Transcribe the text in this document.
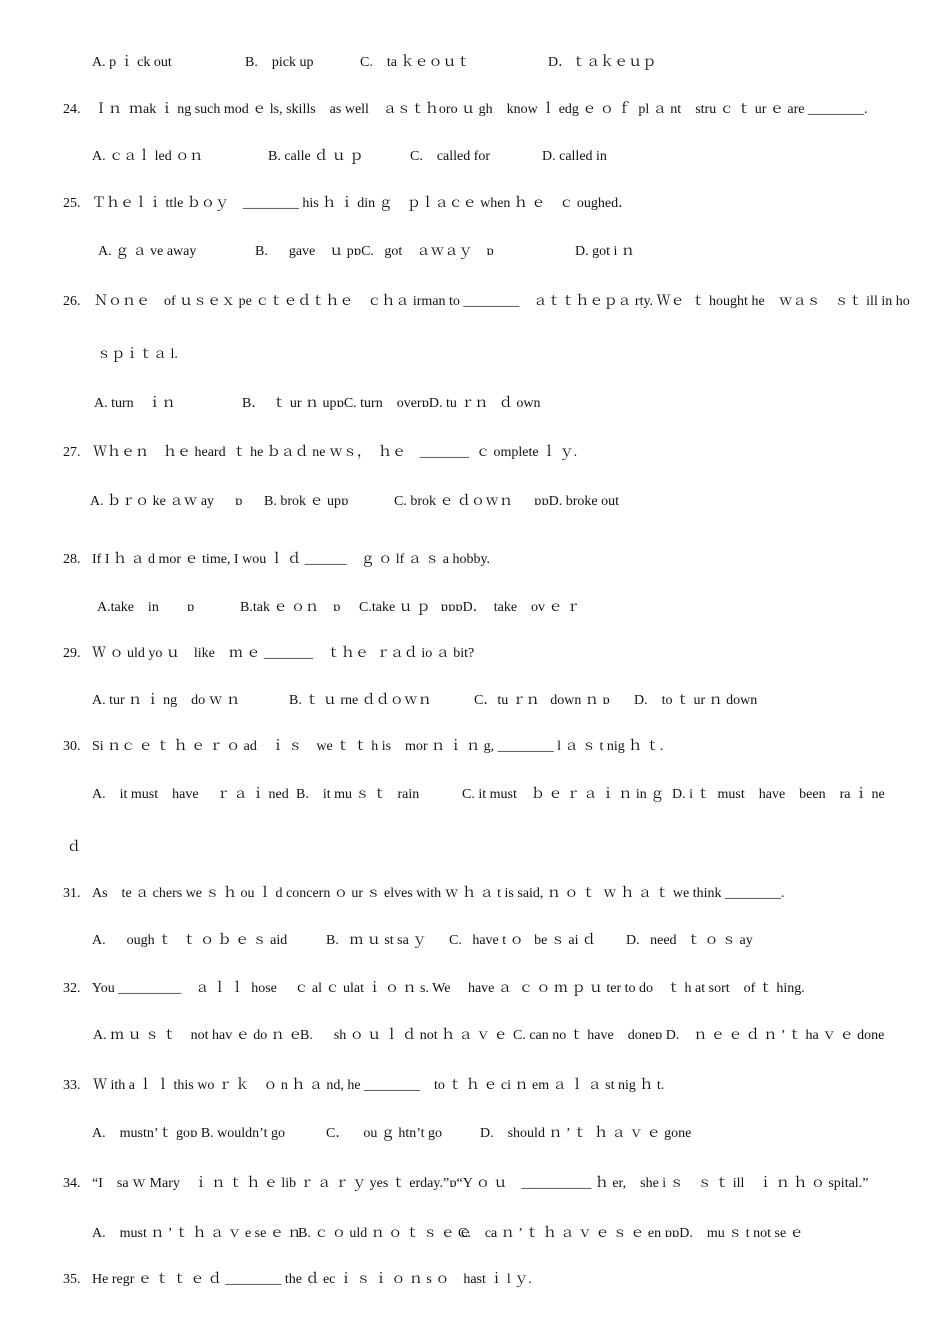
A. p ｉ ck out	B.    pick up	C.    ta ｋｅｏｕｔ	D．ｔａｋｅｕｐ
24. Ｉｎ  ｍak ｉ ng such mod ｅ ls, skills    as well    ａｓｔｈoro ｕ gh    know ｌ edg ｅ ｏ ｆ  pl ａ nt    stru ｃ ｔ ur ｅ are ________.
A. ｃａｌ led ｏｎ	B. calle ｄ ｕ ｐ	C.    called for	D. called in
25. Ｔｈｅｌｉ ttle ｂｏｙ    ________ his ｈ ｉ din ｇ    ｐｌａｃｅ when ｈ ｅ    ｃ oughed．
A. ｇ ａ ve away	B.      gave    ｕ pɒC.   got    ａｗａｙ    ɒ	D. got i ｎ
26. Ｎｏｎｅ    of ｕｓｅｘ pe ｃｔｅｄｔｈｅ    ｃｈａ irman to ________    ａｔｔｈｅｐａ rty. Ｗｅ  ｔ hought he    ｗａｓ    ｓｔ ill in ho
ｓｐｉｔａ l.
A. turn    ｉｎ	B．  ｔ ur ｎ upɒC. turn    overɒD. tu ｒｎ   ｄ own
27. Ｗｈｅｎ    ｈｅ heard  ｔ he ｂａｄ ne ｗｓ，  ｈｅ    _______  ｃ omplete ｌ ｙ.
A. ｂｒｏ ke ａｗ ay      ɒ B. brok ｅ upɒ	C. brok ｅ ｄｏｗｎ      ɒɒD. broke out
28. If I ｈ ａ d mor ｅ time, I wou ｌ ｄ ______    ｇ ｏ lf ａ ｓ a hobby.
A.take    in        ɒ	B.tak ｅ ｏｎ    ɒ C.take ｕ ｐ   ɒɒɒD．  take    ov ｅ ｒ
29. Ｗ ｏ uld yo ｕ    like    ｍ ｅ _______    ｔｈｅ  ｒａｄ io ａ bit?
A. tur ｎ ｉ ng    do ｗ ｎ	B. ｔ ｕ rne ｄｄｏｗｎ	C．tu ｒｎ   down ｎ ɒ D.    to ｔ ur ｎ down
30. Si ｎｃ ｅ ｔ ｈ ｅ ｒ ｏ ad    ｉ ｓ    we ｔ ｔ h is    mor ｎ ｉ ｎ g, ________ l ａ ｓ t nig ｈ ｔ.
A.    it must    have     ｒ ａ ｉ ned B.    it mu ｓ ｔ   rain	C. it must    ｂ ｅ ｒ ａ ｉ ｎ in ｇ D. i ｔ  must    have    been    ra ｉ ne
ｄ
31. As    te ａ chers we ｓ ｈ ou ｌ d concern ｏ ur ｓ elves with ｗ ｈ ａ t is said, ｎ ｏ ｔ  ｗ ｈ ａ ｔ we think ________.
A.      ough ｔ   ｔ ｏ ｂ ｅ ｓ aid	B.   ｍ ｕ st sa ｙ C.   have t ｏ   be ｓ ai ｄ D.   need   ｔ ｏ ｓ ay
32. You _________    ａ ｌ ｌ  hose     ｃ al ｃ ulat ｉ ｏ ｎ s. We     have ａ  ｃ ｏ ｍ ｐ ｕ ter to do    ｔ h at sort    of ｔ hing.
A. ｍ ｕ ｓ ｔ    not hav ｅ do ｎ ｅ
B.      sh ｏ ｕ ｌ ｄ not ｈ ａ ｖ ｅ C. can no ｔ have    doneɒ D.    ｎ ｅ ｅ ｄ ｎ ’ ｔ ha ｖ ｅ done
33. Ｗ ith a ｌ ｌ this wo ｒ ｋ    ｏ n ｈ ａ nd, he ________    to ｔ ｈ ｅ ci ｎ em ａ ｌ ａ st nig ｈ t.
A.    mustn’ｔ goɒ B. wouldn’t go	C．    ou ｇ htn’t go	D.    should ｎ ’ ｔ  ｈ ａ ｖ ｅ gone
34. “I    sa ｗ Mary    ｉ ｎ ｔ ｈ ｅ lib ｒ ａ ｒ ｙ yes ｔ erday.”ɒ“Y ｏ ｕ    __________ ｈ er,    she i ｓ    ｓ ｔ ill    ｉ ｎ ｈ ｏ spital.”
A.    must ｎ ’ ｔ ｈ ａ ｖ e se ｅ ｎ
B. ｃ ｏ uld ｎ ｏ ｔ ｓ ｅ ｅ
C.    ca ｎ ’ ｔ ｈ ａ ｖ ｅ ｓ ｅ en ɒɒD.    mu ｓ t not se ｅ
35. He regr ｅ ｔ ｔ ｅ ｄ ________ the ｄ ec ｉ ｓ ｉ ｏ ｎ s ｏ    hast ｉ l ｙ.
